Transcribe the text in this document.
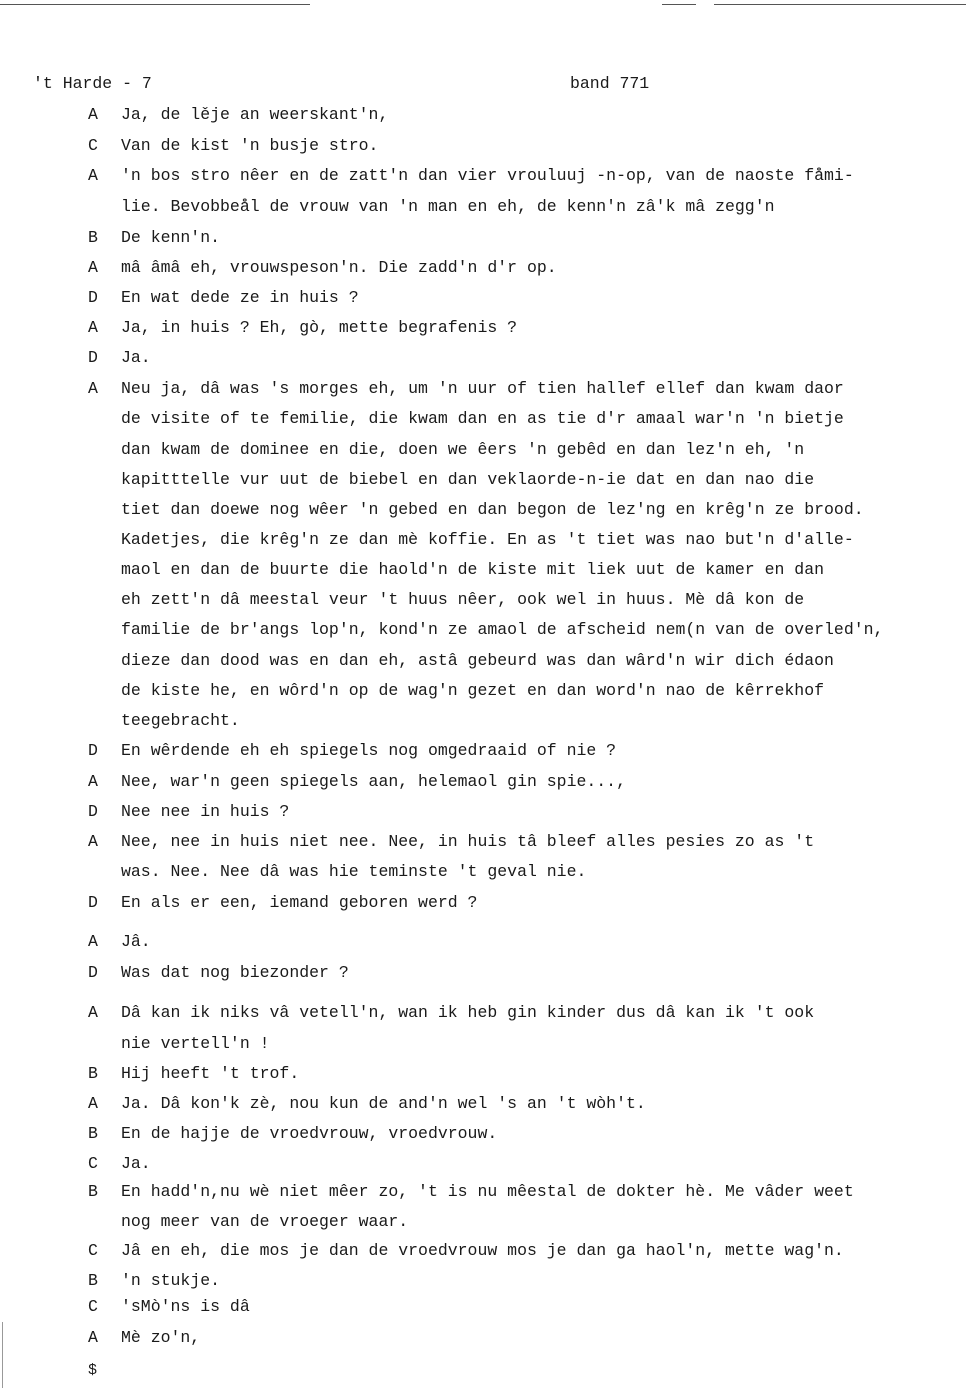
't Harde - 7	band 771
A Ja, de lěje an weerskant'n,
C Van de kist 'n busje stro.
A 'n bos stro nêer en de zatt'n dan vier vrouluuj -n-op, van de naoste fåmi-
lie. Bevobbeål de vrouw van 'n man en eh, de kenn'n zâ'k mâ zegg'n
B De kenn'n.
A mâ âmâ eh, vrouwspeson'n. Die zadd'n d'r op.
D En wat dede ze in huis ?
A Ja, in huis ? Eh, gò, mette begrafenis ?
D Ja.
A Neu ja, dâ was 's morges eh, um 'n uur of tien hallef ellef dan kwam daor
de visite of te femilie, die kwam dan en as tie d'r amaal war'n 'n bietje
dan kwam de dominee en die, doen we êers 'n gebêd en dan lez'n eh, 'n
kapitttelle vur uut de biebel en dan veklaorde-n-ie dat en dan nao die
tiet dan doewe nog wêer 'n gebed en dan begon de lez'ng en krêg'n ze brood.
Kadetjes, die krêg'n ze dan mè koffie. En as 't tiet was nao but'n d'alle-
maol en dan de buurte die haold'n de kiste mit liek uut de kamer en dan
eh zett'n dâ meestal veur 't huus nêer, ook wel in huus. Mè dâ kon de
familie de br'angs lop'n, kond'n ze amaol de afscheid nem(n van de overled'n,
dieze dan dood was en dan eh, astâ gebeurd was dan wârd'n wir dich édaon
de kiste he, en wôrd'n op de wag'n gezet en dan word'n nao de kêrrekhof
teegebracht.
D En wêrdende eh eh spiegels nog omgedraaid of nie ?
A Nee, war'n geen spiegels aan, helemaol gin spie...,
D Nee nee in huis ?
A Nee, nee in huis niet nee. Nee, in huis tâ bleef alles pesies zo as 't
was. Nee. Nee dâ was hie teminste 't geval nie.
D En als er een, iemand geboren werd ?
A Jâ.
D Was dat nog biezonder ?
A Dâ kan ik niks vâ vetell'n, wan ik heb gin kinder dus dâ kan ik 't ook
nie vertell'n !
B Hij heeft 't trof.
A Ja. Dâ kon'k zè, nou kun de and'n wel 's an 't wòh't.
B En de hajje de vroedvrouw, vroedvrouw.
C Ja.
B En hadd'n,nu wè niet mêer zo, 't is nu mêestal de dokter hè. Me vâder weet
nog meer van de vroeger waar.
C Jâ en eh, die mos je dan de vroedvrouw mos je dan ga haol'n, mette wag'n.
B 'n stukje.
C 'sMò'ns is dâ
A Mè zo'n,
$
